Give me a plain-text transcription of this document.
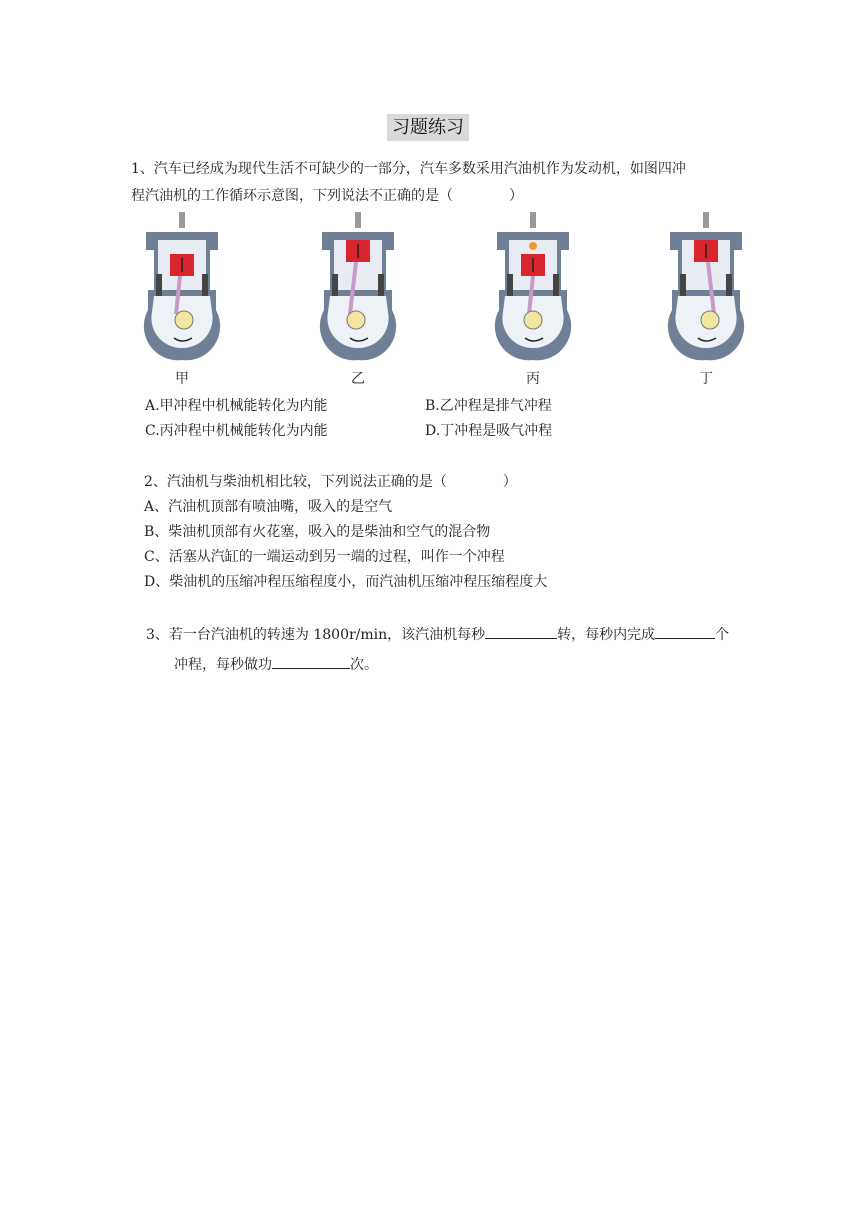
习题练习
1、汽车已经成为现代生活不可缺少的一部分，汽车多数采用汽油机作为发动机，如图四冲
程汽油机的工作循环示意图，下列说法不正确的是（　　　　）
甲	乙	丙	丁
A.甲冲程中机械能转化为内能	B.乙冲程是排气冲程
C.丙冲程中机械能转化为内能	D.丁冲程是吸气冲程
2、汽油机与柴油机相比较，下列说法正确的是（　　　　）
A、汽油机顶部有喷油嘴，吸入的是空气
B、柴油机顶部有火花塞，吸入的是柴油和空气的混合物
C、活塞从汽缸的一端运动到另一端的过程，叫作一个冲程
D、柴油机的压缩冲程压缩程度小，而汽油机压缩冲程压缩程度大
3、若一台汽油机的转速为 1800r/min，该汽油机每秒	转，每秒内完成	个
冲程，每秒做功	次。
